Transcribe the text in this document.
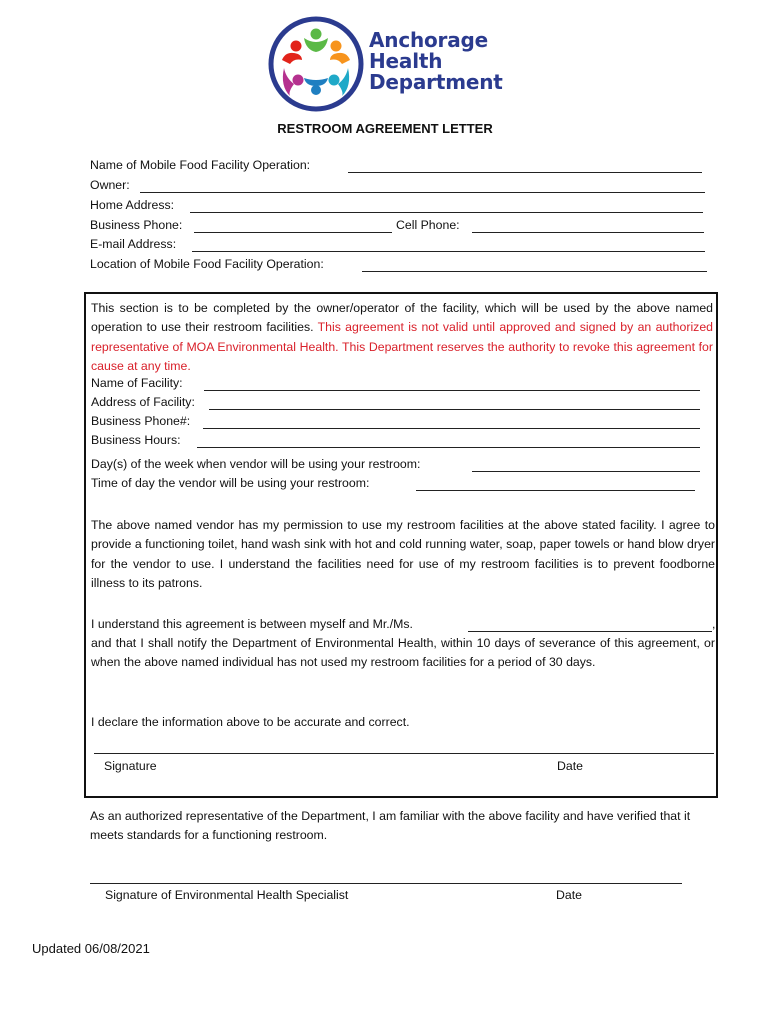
Anchorage
Health
Department
RESTROOM AGREEMENT LETTER
Name of Mobile Food Facility Operation:
Owner:
Home Address:
Business Phone:	Cell Phone:
E-mail Address:
Location of Mobile Food Facility Operation:
This section is to be completed by the owner/operator of the facility, which will be used by the above named operation to use their restroom facilities. This agreement is not valid until approved and signed by an authorized representative of MOA Environmental Health. This Department reserves the authority to revoke this agreement for cause at any time.
Name of Facility:
Address of Facility:
Business Phone#:
Business Hours:
Day(s) of the week when vendor will be using your restroom:
Time of day the vendor will be using your restroom:
The above named vendor has my permission to use my restroom facilities at the above stated facility. I agree to provide a functioning toilet, hand wash sink with hot and cold running water, soap, paper towels or hand blow dryer for the vendor to use. I understand the facilities need for use of my restroom facilities is to prevent foodborne illness to its patrons.
I understand this agreement is between myself and Mr./Ms.	,
and that I shall notify the Department of Environmental Health, within 10 days of severance of this agreement, or when the above named individual has not used my restroom facilities for a period of 30 days.
I declare the information above to be accurate and correct.
Signature	Date
As an authorized representative of the Department, I am familiar with the above facility and have verified that it meets standards for a functioning restroom.
Signature of Environmental Health Specialist	Date
Updated 06/08/2021
